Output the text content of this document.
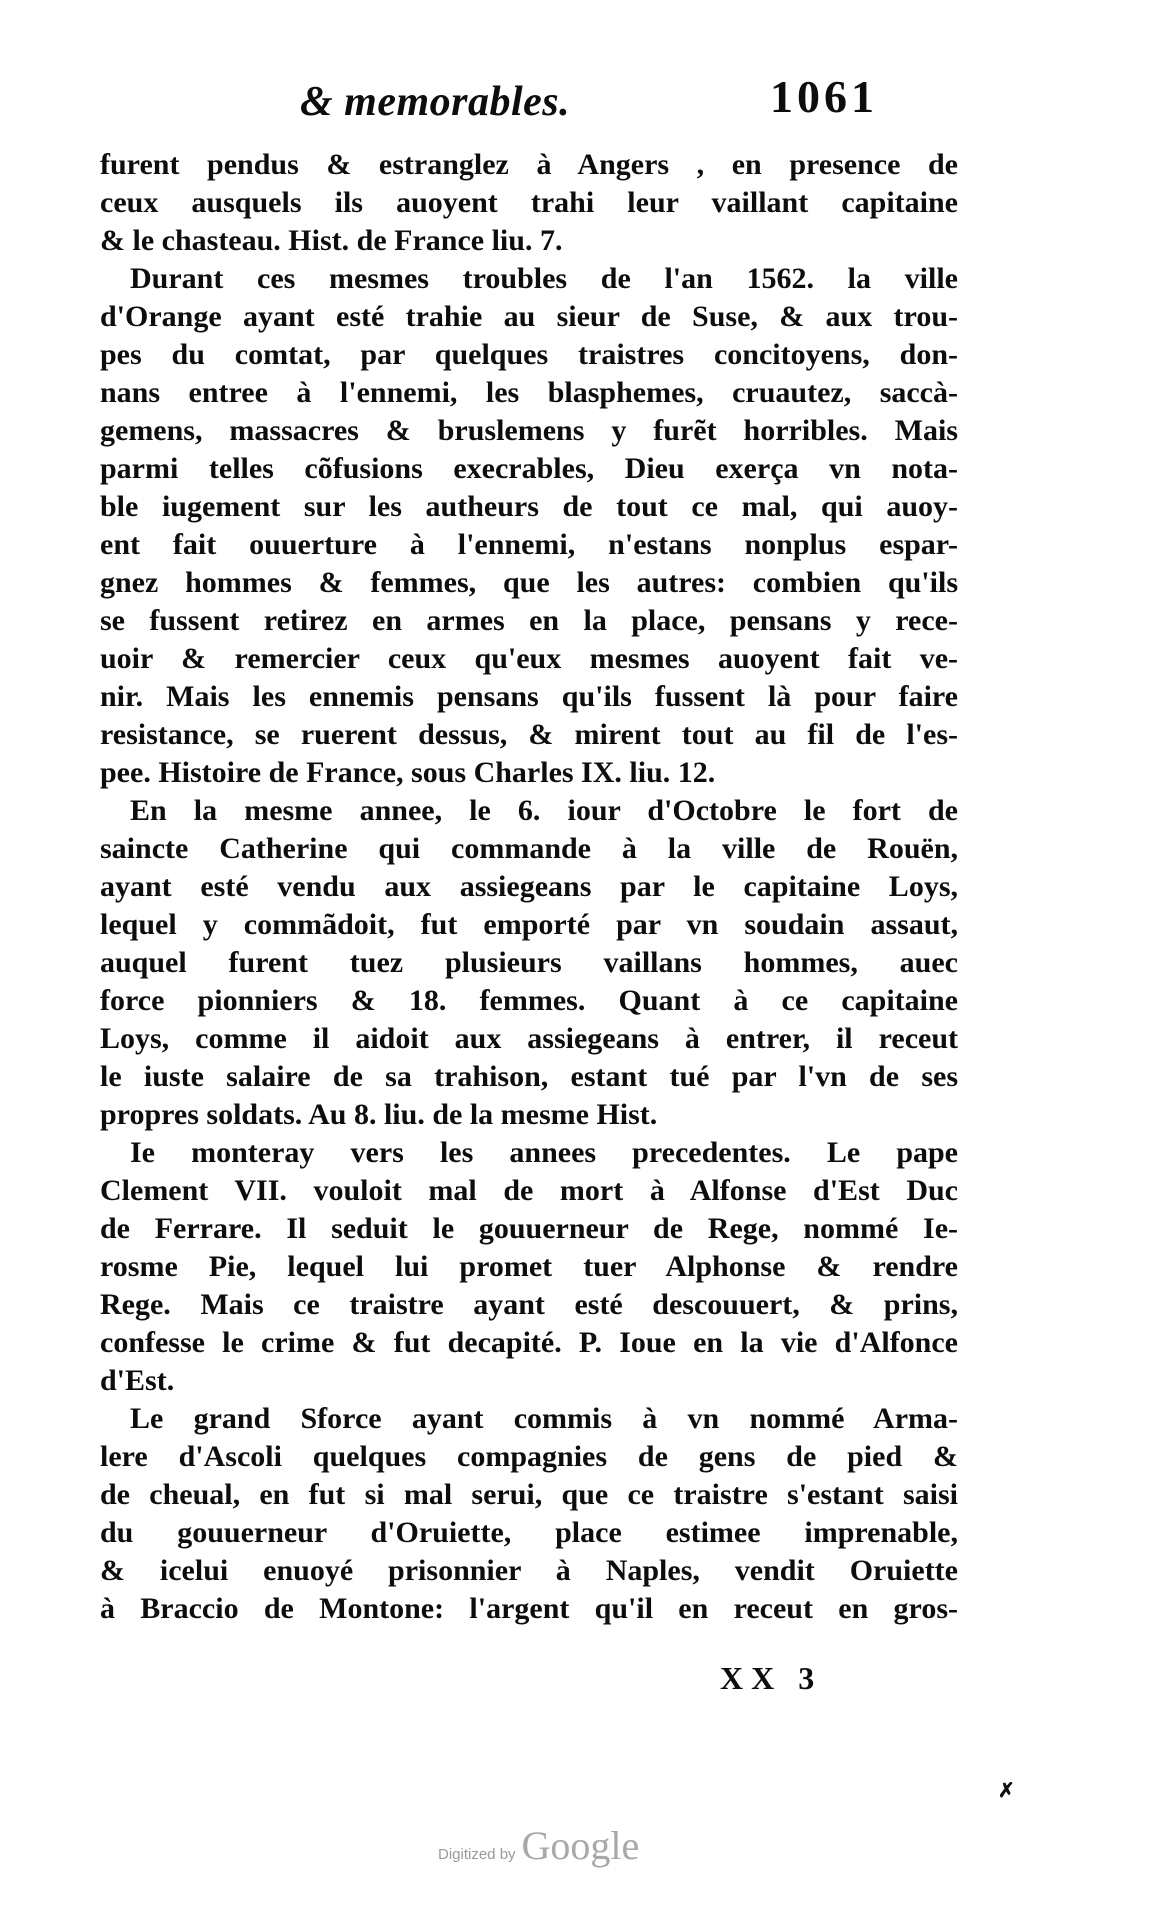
& memorables.	1061
furent pendus & estranglez à Angers , en presence de
ceux ausquels ils auoyent trahi leur vaillant capitaine
& le chasteau. Hist. de France liu. 7.
Durant ces mesmes troubles de l'an 1562. la ville
d'Orange ayant esté trahie au sieur de Suse, & aux trou-
pes du comtat, par quelques traistres concitoyens, don-
nans entree à l'ennemi, les blasphemes, cruautez, saccà-
gemens, massacres & bruslemens y furẽt horribles. Mais
parmi telles cõfusions execrables, Dieu exerça vn nota-
ble iugement sur les autheurs de tout ce mal, qui auoy-
ent fait ouuerture à l'ennemi, n'estans nonplus espar-
gnez hommes & femmes, que les autres: combien qu'ils
se fussent retirez en armes en la place, pensans y rece-
uoir & remercier ceux qu'eux mesmes auoyent fait ve-
nir. Mais les ennemis pensans qu'ils fussent là pour faire
resistance, se ruerent dessus, & mirent tout au fil de l'es-
pee. Histoire de France, sous Charles IX. liu. 12.
En la mesme annee, le 6. iour d'Octobre le fort de
saincte Catherine qui commande à la ville de Rouën,
ayant esté vendu aux assiegeans par le capitaine Loys,
lequel y commãdoit, fut emporté par vn soudain assaut,
auquel furent tuez plusieurs vaillans hommes, auec
force pionniers & 18. femmes. Quant à ce capitaine
Loys, comme il aidoit aux assiegeans à entrer, il receut
le iuste salaire de sa trahison, estant tué par l'vn de ses
propres soldats. Au 8. liu. de la mesme Hist.
Ie monteray vers les annees precedentes. Le pape
Clement VII. vouloit mal de mort à Alfonse d'Est Duc
de Ferrare. Il seduit le gouuerneur de Rege, nommé Ie-
rosme Pie, lequel lui promet tuer Alphonse & rendre
Rege. Mais ce traistre ayant esté descouuert, & prins,
confesse le crime & fut decapité. P. Ioue en la vie d'Alfonce
d'Est.
Le grand Sforce ayant commis à vn nommé Arma-
lere d'Ascoli quelques compagnies de gens de pied &
de cheual, en fut si mal serui, que ce traistre s'estant saisi
du gouuerneur d'Oruiette, place estimee imprenable,
& icelui enuoyé prisonnier à Naples, vendit Oruiette
à Braccio de Montone: l'argent qu'il en receut en gros-
XX 3
✗
Digitized by Google
